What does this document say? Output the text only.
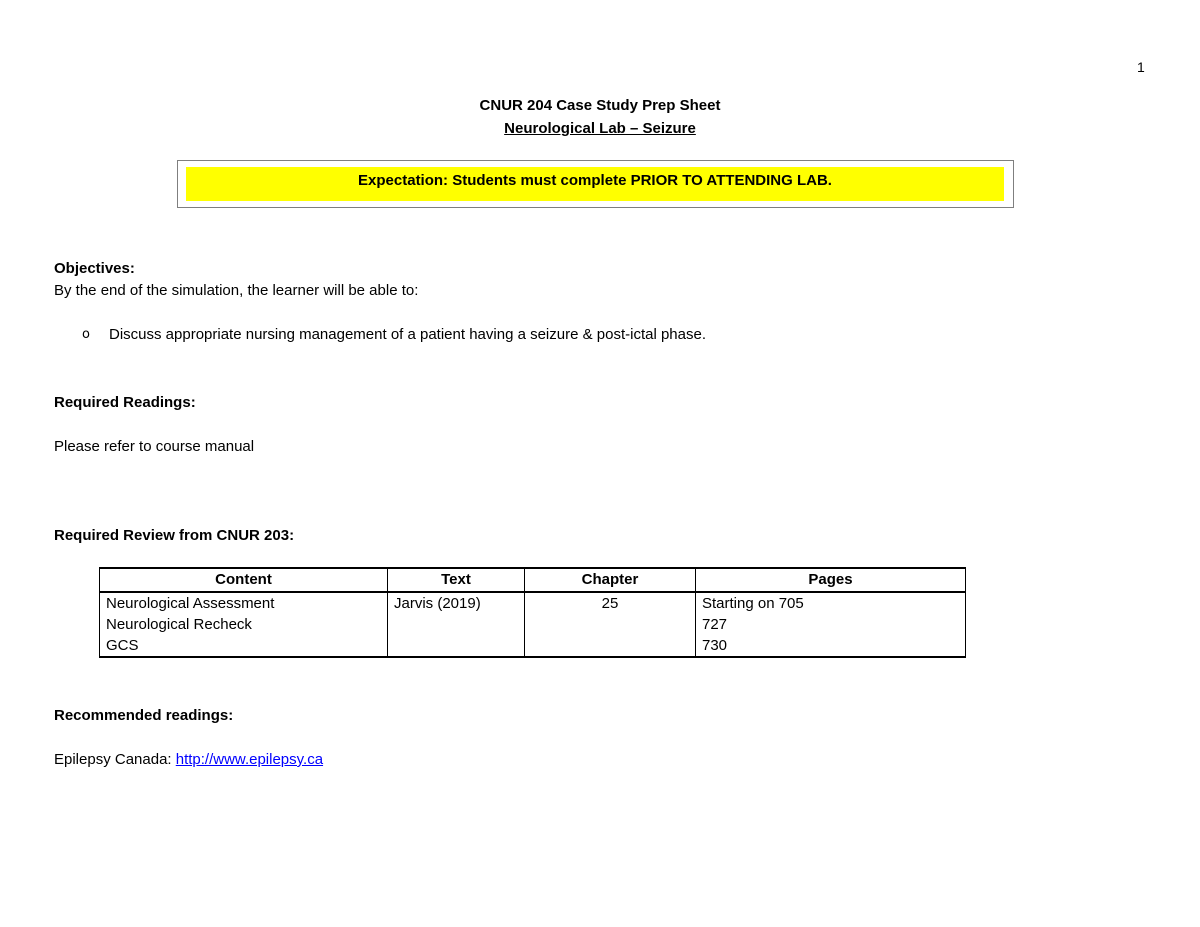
1
CNUR 204 Case Study Prep Sheet
Neurological Lab – Seizure
Expectation: Students must complete PRIOR TO ATTENDING LAB.
Objectives:
By the end of the simulation, the learner will be able to:
o	Discuss appropriate nursing management of a patient having a seizure & post-ictal phase.
Required Readings:
Please refer to course manual
Required Review from CNUR 203:
Content	Text	Chapter	Pages
Neurological Assessment	Jarvis (2019)	25	Starting on 705
Neurological Recheck			727
GCS			730
Recommended readings:
Epilepsy Canada: http://www.epilepsy.ca
